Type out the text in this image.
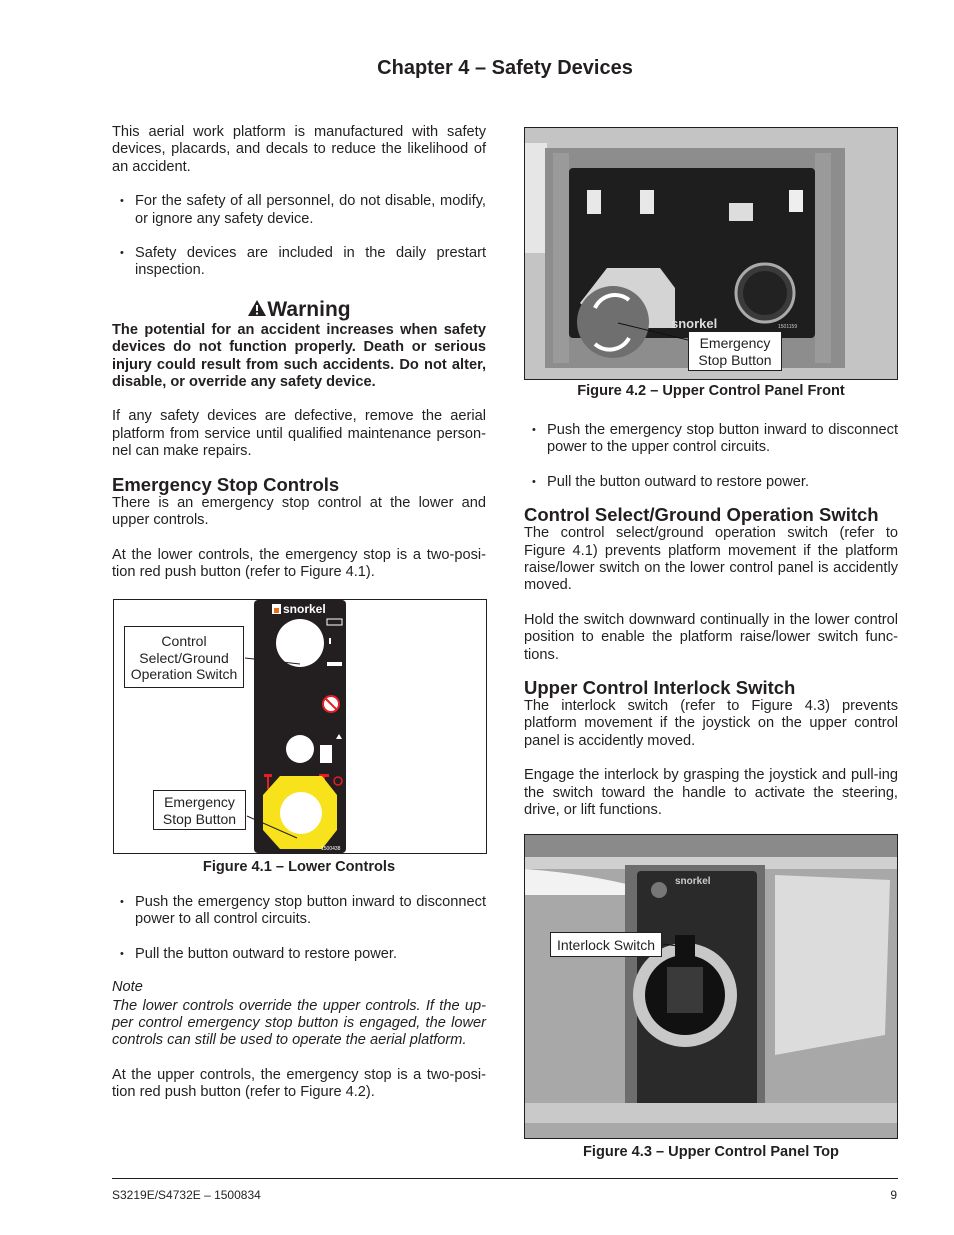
Chapter 4 – Safety Devices

This aerial work platform is manufactured with safety devices, placards, and decals to reduce the likelihood of an accident.

• For the safety of all personnel, do not disable, modify, or ignore any safety device.

• Safety devices are included in the daily prestart inspection.

Warning

The potential for an accident increases when safety devices do not function properly. Death or serious injury could result from such accidents. Do not alter, disable, or override any safety device.

If any safety devices are defective, remove the aerial platform from service until qualified maintenance person-nel can make repairs.

Emergency Stop Controls

There is an emergency stop control at the lower and upper controls.

At the lower controls, the emergency stop is a two-posi-tion red push button (refer to Figure 4.1).

1500438
snorkel
Control Select/Ground Operation Switch
Emergency Stop Button
Figure 4.1 – Lower Controls

• Push the emergency stop button inward to disconnect power to all control circuits.

• Pull the button outward to restore power.

Note

The lower controls override the upper controls. If the up-per control emergency stop button is engaged, the lower controls can still be used to operate the aerial platform.

At the upper controls, the emergency stop is a two-posi-tion red push button (refer to Figure 4.2).

snorkel	1501159
Emergency Stop Button
Figure 4.2 – Upper Control Panel Front

• Push the emergency stop button inward to disconnect power to the upper control circuits.

• Pull the button outward to restore power.

Control Select/Ground Operation Switch

The control select/ground operation switch (refer to Figure 4.1) prevents platform movement if the platform raise/lower switch on the lower control panel is accidently moved.

Hold the switch downward continually in the lower control position to enable the platform raise/lower switch func-tions.

Upper Control Interlock Switch

The interlock switch (refer to Figure 4.3) prevents platform movement if the joystick on the upper control panel is accidently moved.

Engage the interlock by grasping the joystick and pull-ing the switch toward the handle to activate the steering, drive, or lift functions.

snorkel
Interlock Switch
Figure 4.3 – Upper Control Panel Top
S3219E/S4732E – 1500834	9
